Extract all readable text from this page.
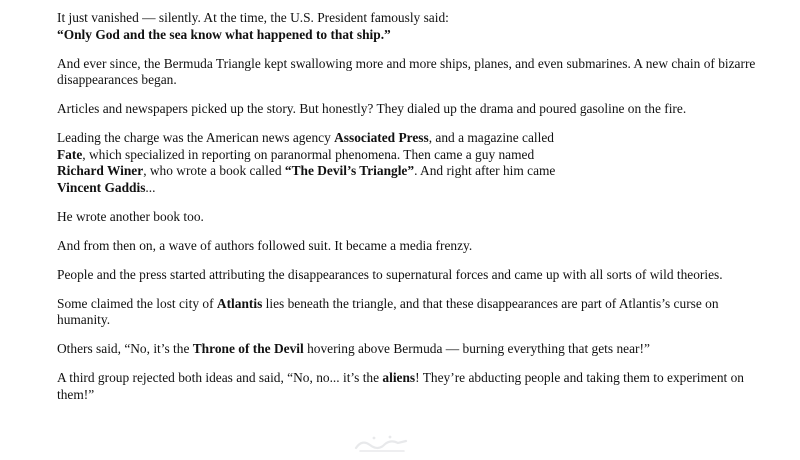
It just vanished — silently. At the time, the U.S. President famously said:
“Only God and the sea know what happened to that ship.”

And ever since, the Bermuda Triangle kept swallowing more and more ships, planes, and even submarines. A new chain of bizarre disappearances began.

Articles and newspapers picked up the story. But honestly? They dialed up the drama and poured gasoline on the fire.

Leading the charge was the American news agency Associated Press, and a magazine called
Fate, which specialized in reporting on paranormal phenomena. Then came a guy named
Richard Winer, who wrote a book called “The Devil’s Triangle”. And right after him came
Vincent Gaddis...

He wrote another book too.

And from then on, a wave of authors followed suit. It became a media frenzy.

People and the press started attributing the disappearances to supernatural forces and came up with all sorts of wild theories.

Some claimed the lost city of Atlantis lies beneath the triangle, and that these disappearances are part of Atlantis’s curse on humanity.

Others said, “No, it’s the Throne of the Devil hovering above Bermuda — burning everything that gets near!”

A third group rejected both ideas and said, “No, no... it’s the aliens! They’re abducting people and taking them to experiment on them!”
